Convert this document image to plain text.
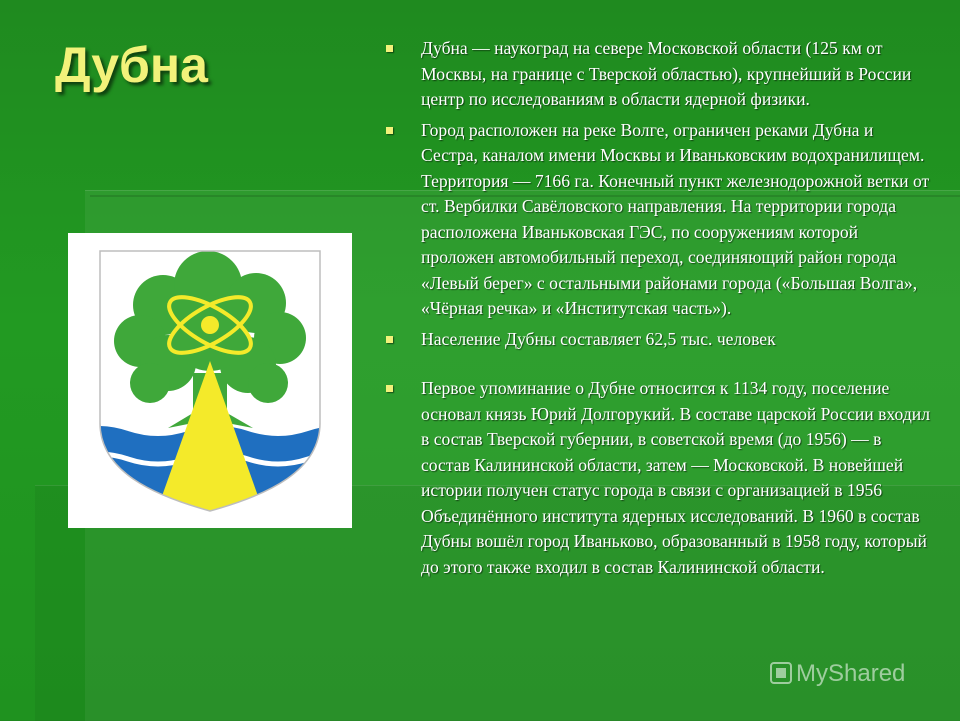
Дубна	Дубна — наукоград на севере Московской области (125 км от Москвы, на границе с Тверской областью), крупнейший в России центр по исследованиям в области ядерной физики.
Город расположен на реке Волге, ограничен реками Дубна и Сестра, каналом имени Москвы и Иваньковским водохранилищем. Территория — 7166 га. Конечный пункт железнодорожной ветки от ст. Вербилки Савёловского направления. На территории города расположена Иваньковская ГЭС, по сооружениям которой проложен автомобильный переход, соединяющий район города «Левый берег» с остальными районами города («Большая Волга», «Чёрная речка» и «Институтская часть»).
Население Дубны составляет 62,5 тыс. человек
Первое упоминание о Дубне относится к 1134 году, поселение основал князь Юрий Долгорукий. В составе царской России входил в состав Тверской губернии, в советской время (до 1956) — в состав Калининской области, затем — Московской. В новейшей истории получен статус города в связи с организацией в 1956 Объединённого института ядерных исследований. В 1960 в состав Дубны вошёл город Иваньково, образованный в 1958 году, который до этого также входил в состав Калининской области.
MyShared
